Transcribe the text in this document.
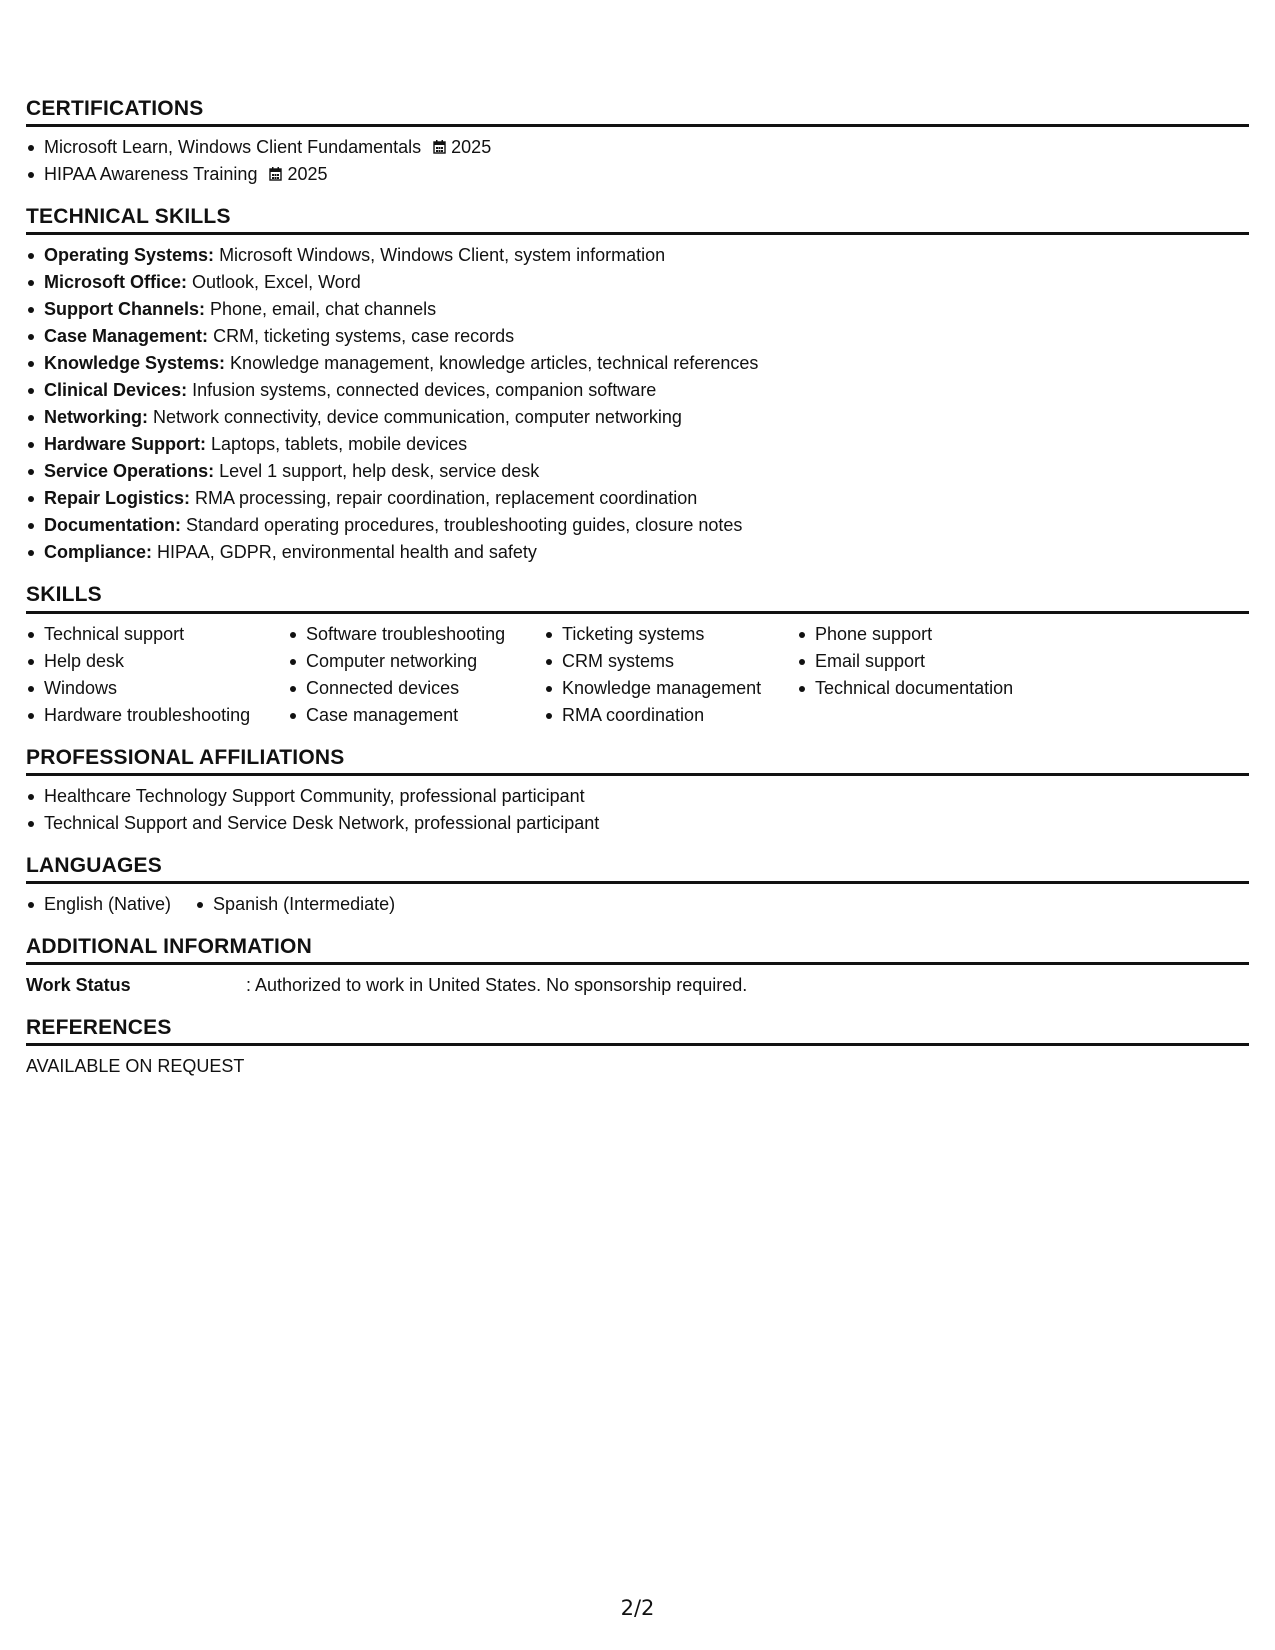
CERTIFICATIONS
Microsoft Learn, Windows Client Fundamentals 2025
HIPAA Awareness Training 2025
TECHNICAL SKILLS
Operating Systems: Microsoft Windows, Windows Client, system information
Microsoft Office: Outlook, Excel, Word
Support Channels: Phone, email, chat channels
Case Management: CRM, ticketing systems, case records
Knowledge Systems: Knowledge management, knowledge articles, technical references
Clinical Devices: Infusion systems, connected devices, companion software
Networking: Network connectivity, device communication, computer networking
Hardware Support: Laptops, tablets, mobile devices
Service Operations: Level 1 support, help desk, service desk
Repair Logistics: RMA processing, repair coordination, replacement coordination
Documentation: Standard operating procedures, troubleshooting guides, closure notes
Compliance: HIPAA, GDPR, environmental health and safety
SKILLS
Technical support
Help desk
Windows
Hardware troubleshooting
Software troubleshooting
Computer networking
Connected devices
Case management
Ticketing systems
CRM systems
Knowledge management
RMA coordination
Phone support
Email support
Technical documentation
PROFESSIONAL AFFILIATIONS
Healthcare Technology Support Community, professional participant
Technical Support and Service Desk Network, professional participant
LANGUAGES
English (Native)	Spanish (Intermediate)
ADDITIONAL INFORMATION
Work Status	: Authorized to work in United States. No sponsorship required.
REFERENCES
AVAILABLE ON REQUEST
2/2
